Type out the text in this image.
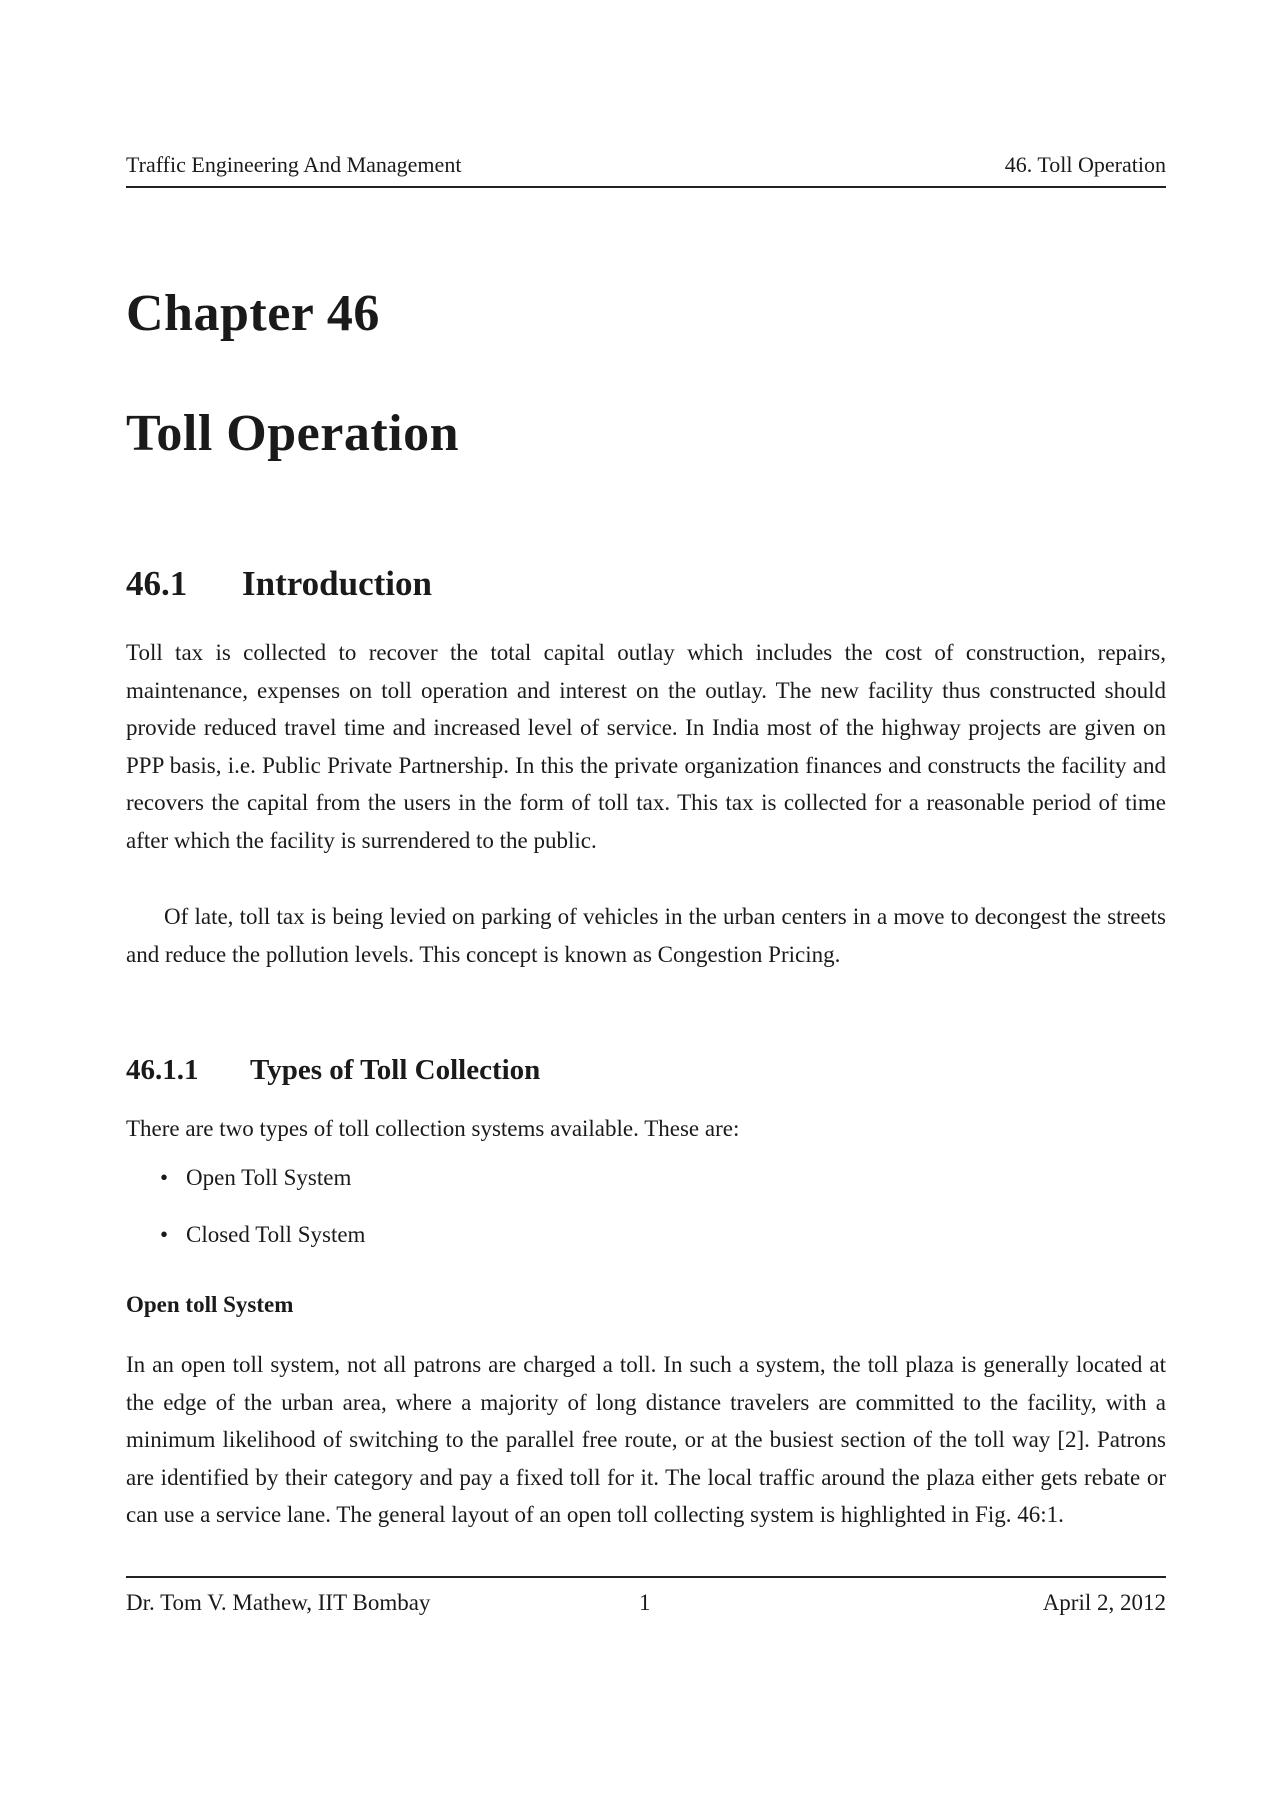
Traffic Engineering And Management	46. Toll Operation
Chapter 46
Toll Operation
46.1 Introduction

Toll tax is collected to recover the total capital outlay which includes the cost of construction, repairs, maintenance, expenses on toll operation and interest on the outlay. The new facility thus constructed should provide reduced travel time and increased level of service. In India most of the highway projects are given on PPP basis, i.e. Public Private Partnership. In this the private organization finances and constructs the facility and recovers the capital from the users in the form of toll tax. This tax is collected for a reasonable period of time after which the facility is surrendered to the public.

Of late, toll tax is being levied on parking of vehicles in the urban centers in a move to decongest the streets and reduce the pollution levels. This concept is known as Congestion Pricing.

46.1.1 Types of Toll Collection

There are two types of toll collection systems available. These are:

• Open Toll System
• Closed Toll System
Open toll System

In an open toll system, not all patrons are charged a toll. In such a system, the toll plaza is generally located at the edge of the urban area, where a majority of long distance travelers are committed to the facility, with a minimum likelihood of switching to the parallel free route, or at the busiest section of the toll way [2]. Patrons are identified by their category and pay a fixed toll for it. The local traffic around the plaza either gets rebate or can use a service lane. The general layout of an open toll collecting system is highlighted in Fig. 46:1.

Dr. Tom V. Mathew, IIT Bombay	1	April 2, 2012
